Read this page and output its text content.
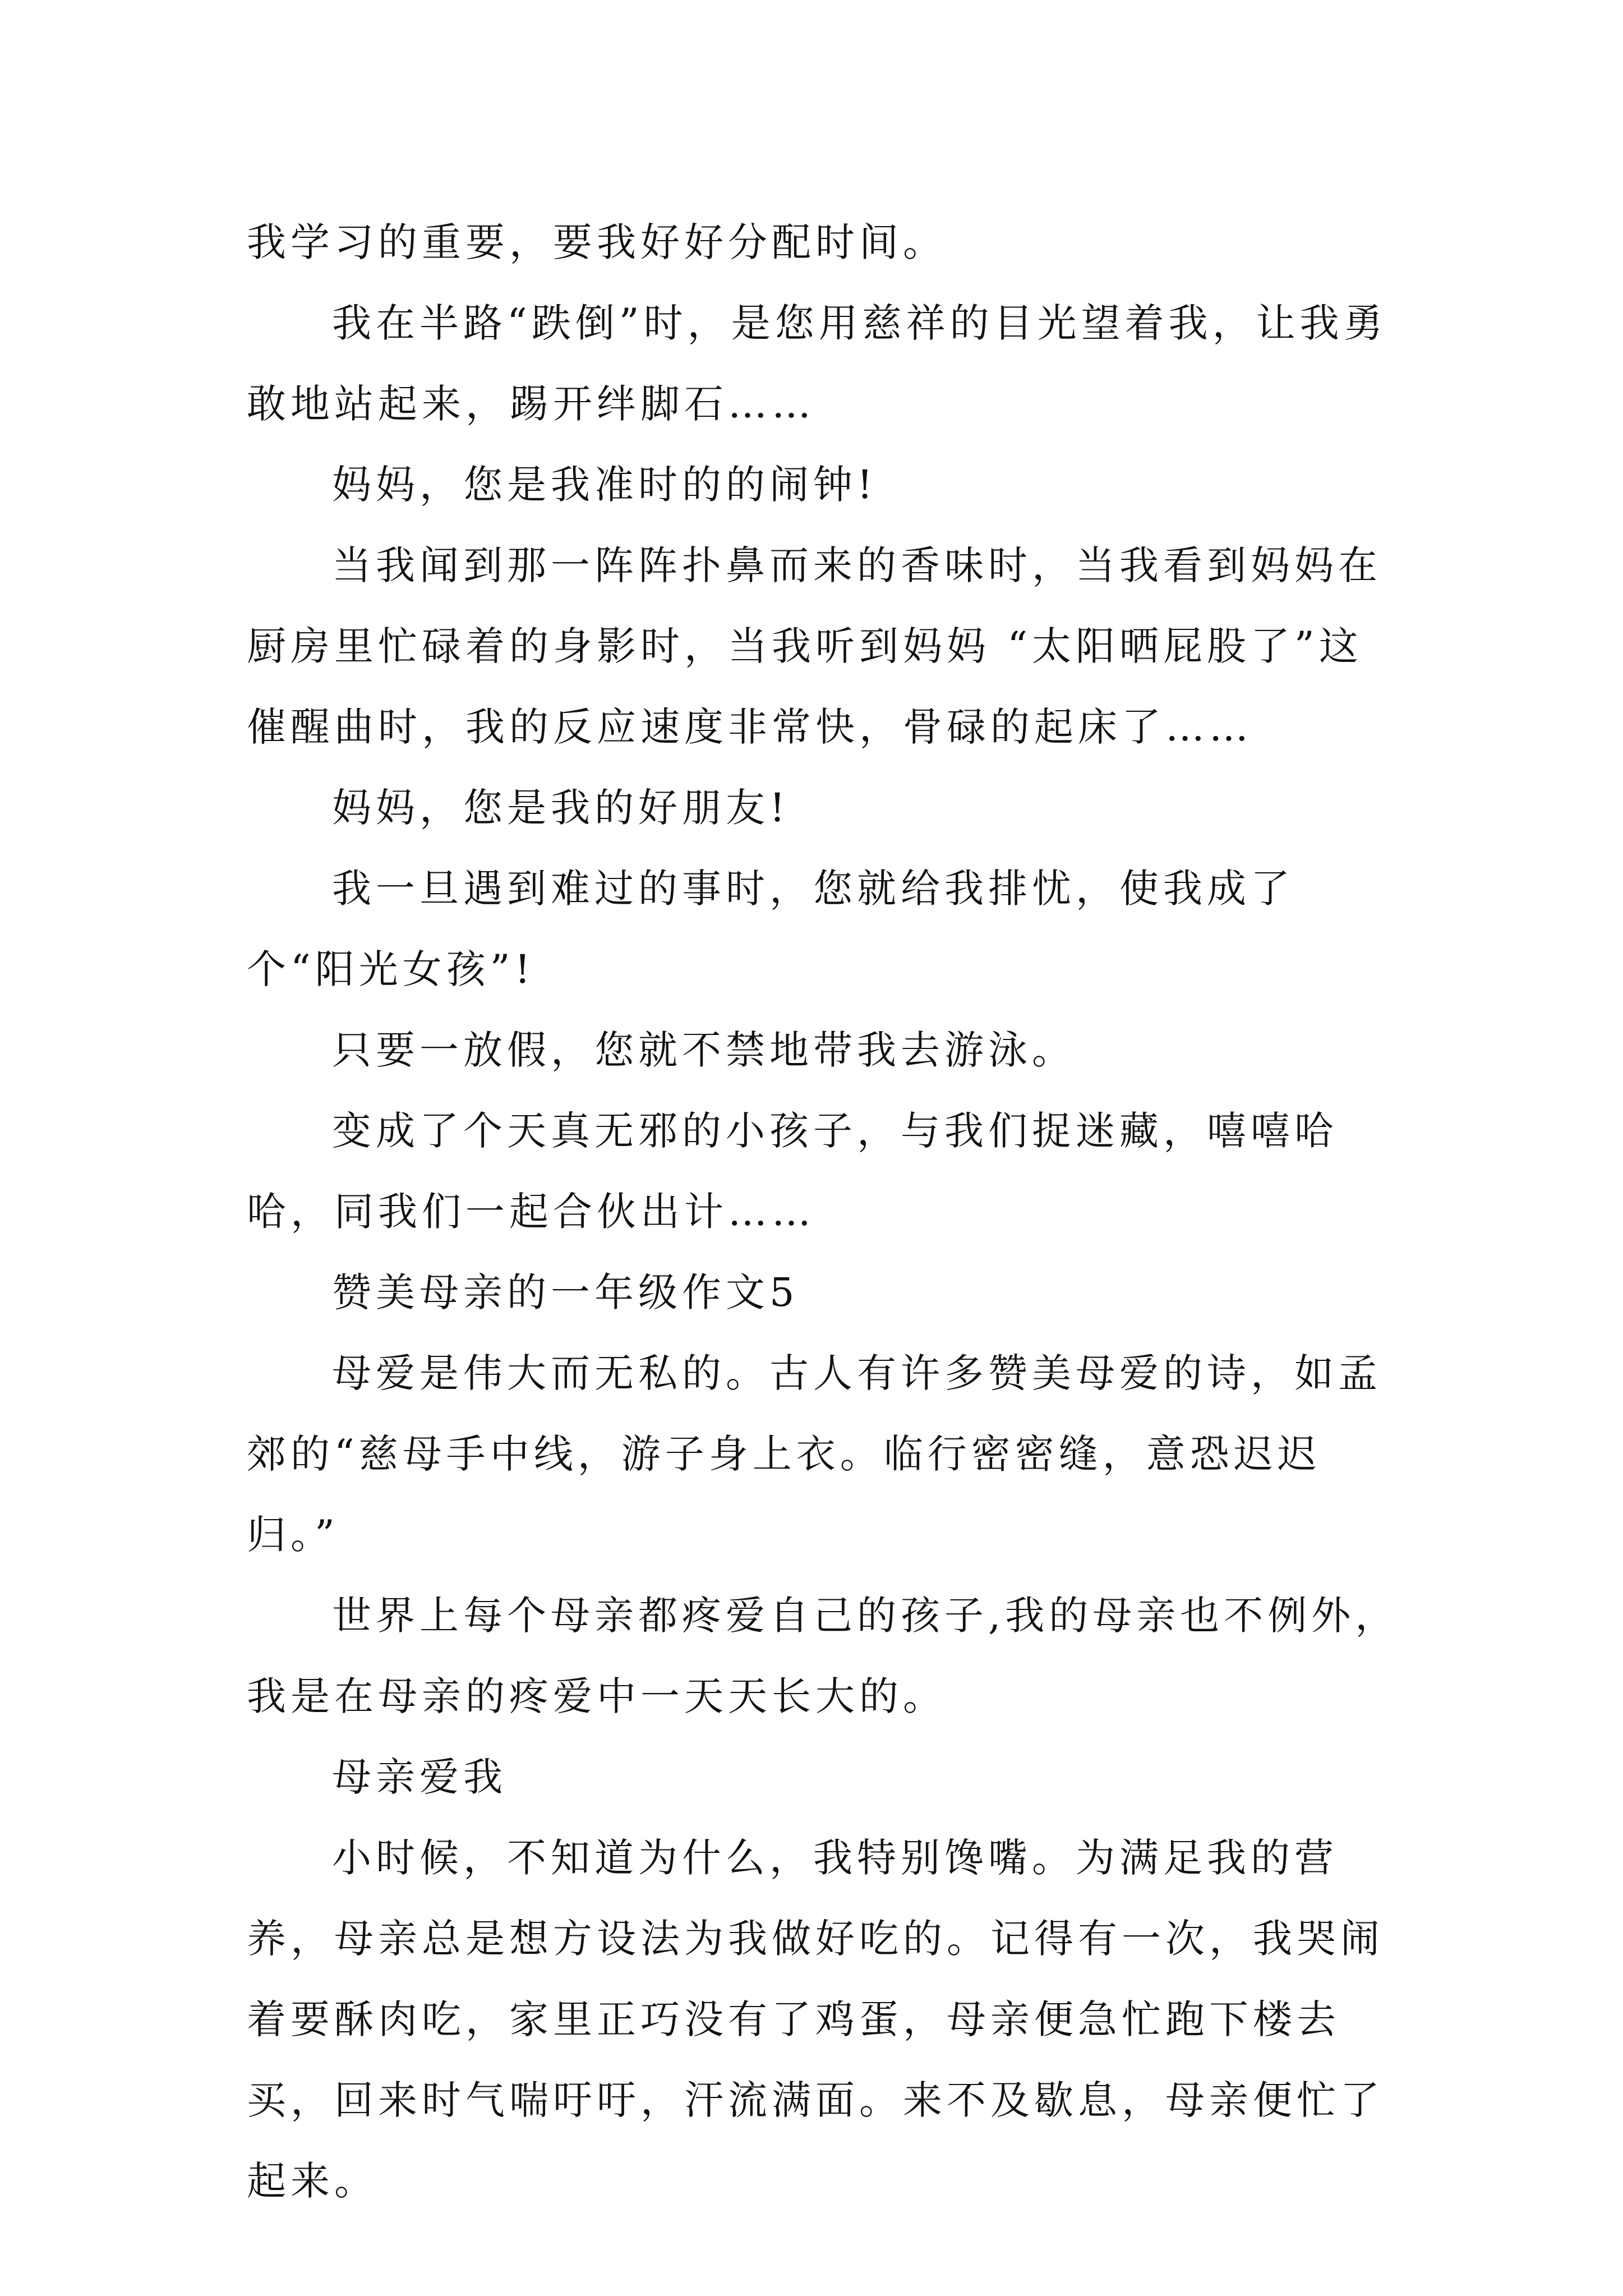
我学习的重要，要我好好分配时间。

我在半路“跌倒”时，是您用慈祥的目光望着我，让我勇敢地站起来，踢开绊脚石……

妈妈，您是我准时的的闹钟!

当我闻到那一阵阵扑鼻而来的香味时，当我看到妈妈在厨房里忙碌着的身影时，当我听到妈妈 “太阳晒屁股了”这催醒曲时，我的反应速度非常快，骨碌的起床了……

妈妈，您是我的好朋友!

我一旦遇到难过的事时，您就给我排忧，使我成了个“阳光女孩”!

只要一放假，您就不禁地带我去游泳。

变成了个天真无邪的小孩子，与我们捉迷藏，嘻嘻哈哈，同我们一起合伙出计……

赞美母亲的一年级作文5

母爱是伟大而无私的。古人有许多赞美母爱的诗，如孟郊的“慈母手中线，游子身上衣。临行密密缝，意恐迟迟归。”

世界上每个母亲都疼爱自己的孩子,我的母亲也不例外，我是在母亲的疼爱中一天天长大的。

母亲爱我

小时候，不知道为什么，我特别馋嘴。为满足我的营养，母亲总是想方设法为我做好吃的。记得有一次，我哭闹着要酥肉吃，家里正巧没有了鸡蛋，母亲便急忙跑下楼去买，回来时气喘吁吁，汗流满面。来不及歇息，母亲便忙了起来。
